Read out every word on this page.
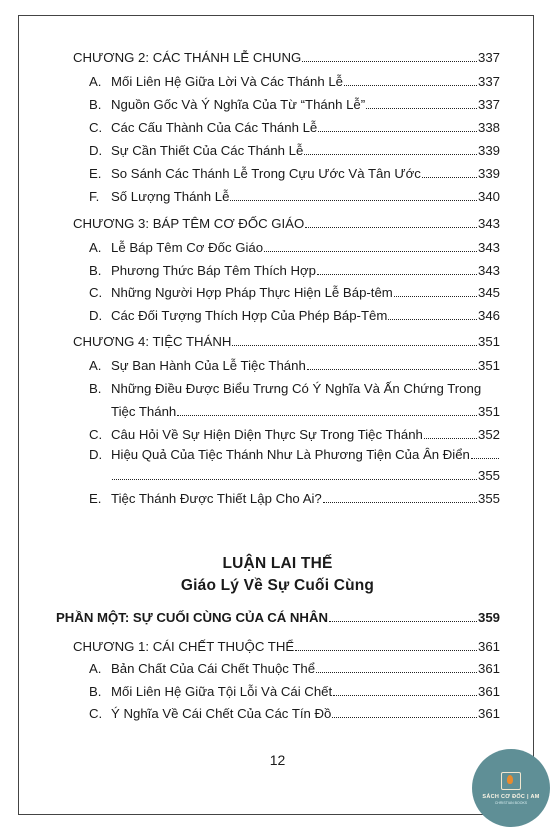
CHƯƠNG 2: CÁC THÁNH LỄ CHUNG	337
A. Mối Liên Hệ Giữa Lời Và Các Thánh Lễ	337
B. Nguồn Gốc Và Ý Nghĩa Của Từ “Thánh Lễ”	337
C. Các Cấu Thành Của Các Thánh Lễ	338
D. Sự Cần Thiết Của Các Thánh Lễ	339
E. So Sánh Các Thánh Lễ Trong Cựu Ước Và Tân Ước	339
F. Số Lượng Thánh Lễ	340
CHƯƠNG 3: BÁP TÊM CƠ ĐỐC GIÁO	343
A. Lễ Báp Têm Cơ Đốc Giáo	343
B. Phương Thức Báp Têm Thích Hợp	343
C. Những Người Hợp Pháp Thực Hiện Lễ Báp-têm	345
D. Các Đối Tượng Thích Hợp Của Phép Báp-Têm	346
CHƯƠNG 4: TIỆC THÁNH	351
A. Sự Ban Hành Của Lễ Tiệc Thánh	351
B. Những Điều Được Biểu Trưng Có Ý Nghĩa Và Ấn Chứng Trong
Tiệc Thánh	351
C. Câu Hỏi Về Sự Hiện Diện Thực Sự Trong Tiệc Thánh	352
D. Hiệu Quả Của Tiệc Thánh Như Là Phương Tiện Của Ân Điển
355
E. Tiệc Thánh Được Thiết Lập Cho Ai?	355
LUẬN LAI THẾ
Giáo Lý Về Sự Cuối Cùng
PHẦN MỘT: SỰ CUỐI CÙNG CỦA CÁ NHÂN	359
CHƯƠNG 1: CÁI CHẾT THUỘC THỂ	361
A. Bản Chất Của Cái Chết Thuộc Thể	361
B. Mối Liên Hệ Giữa Tội Lỗi Và Cái Chết	361
C. Ý Nghĩa Về Cái Chết Của Các Tín Đồ	361
12
SÁCH CƠ ĐỐC | AM
CHRISTIAN BOOKS
